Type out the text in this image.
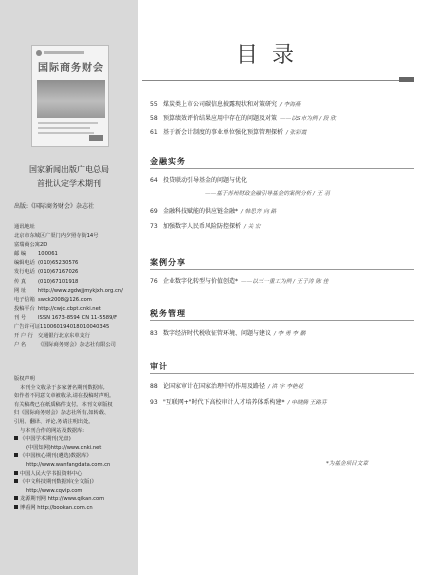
国际商务财会
国家新闻出版广电总局
首批认定学术期刊
出版:《国际商务财会》杂志社
通讯地址
北京市东城区广渠门内夕照寺街14号
富瑞商公寓2D
邮 编	100061
编辑电话 (010)65230576
发行电话 (010)67167026
传 真	(010)67101918
网 址	http://www.zgdwjjmykjxh.org.cn/
电子信箱 swck2008@126.com
投稿平台 http://cwjc.cbpt.cnki.net
刊 号	ISSN 1673-8594 CN 11-5589/F
广告许可证 110060194018010040345
开 户 行 交通银行北京东单支行
户 名	《国际商务财会》杂志社有限公司

版权声明

本刊全文收录于多家著名期刊数据库,

如作者不同意文章被收录,请在投稿时声明。

有关稿费已在纸质稿件支付。本刊文章版权

归《国际商务财会》杂志社所有,如转载、

引用、翻译、评论,务请注明出处。

与本刊合作的网站及数据库:

《中国学术期刊(光盘)

(中国知网)http://www.cnki.net

《中国核心期刊(遴选)数据库》

http://www.wanfangdata.com.cn

中国人民大学书报资料中心

《中文科技期刊数据库(全文版)》

http://www.cqvip.com

龙源期刊网 http://www.qikan.com

博看网 http://bookan.com.cn

目录
55 煤炭类上市公司碳信息披露现状和对策研究 / 李海燕
58 预算绩效评价结果应用中存在的问题及对策 ——以S市为例 / 段 欣
61 基于新会计制度的事业单位强化预算管理探析 / 张彩霞
金融实务
64 投贷联动引导基金的问题与优化
——基于苏州财政金融引导基金的案例分析 / 王 羽
69 金融科技赋能的供应链金融* / 韩思齐 向 路
73 加强数字人民币风险防控探析 / 关 宏
案例分享
76 企业数字化转型与价值创造* ——以三一重工为例 / 王子涛 陈 佳
税务管理
83 数字经济时代税收征管环境、问题与建议 / 李 勇 李 鹏
审计
88 论国家审计在国家治理中的作用及路径 / 洪 宇 李艳花
93 "互联网+"时代下高校审计人才培养体系构建* / 申晓腾 王路芬
*为基金项目文章
